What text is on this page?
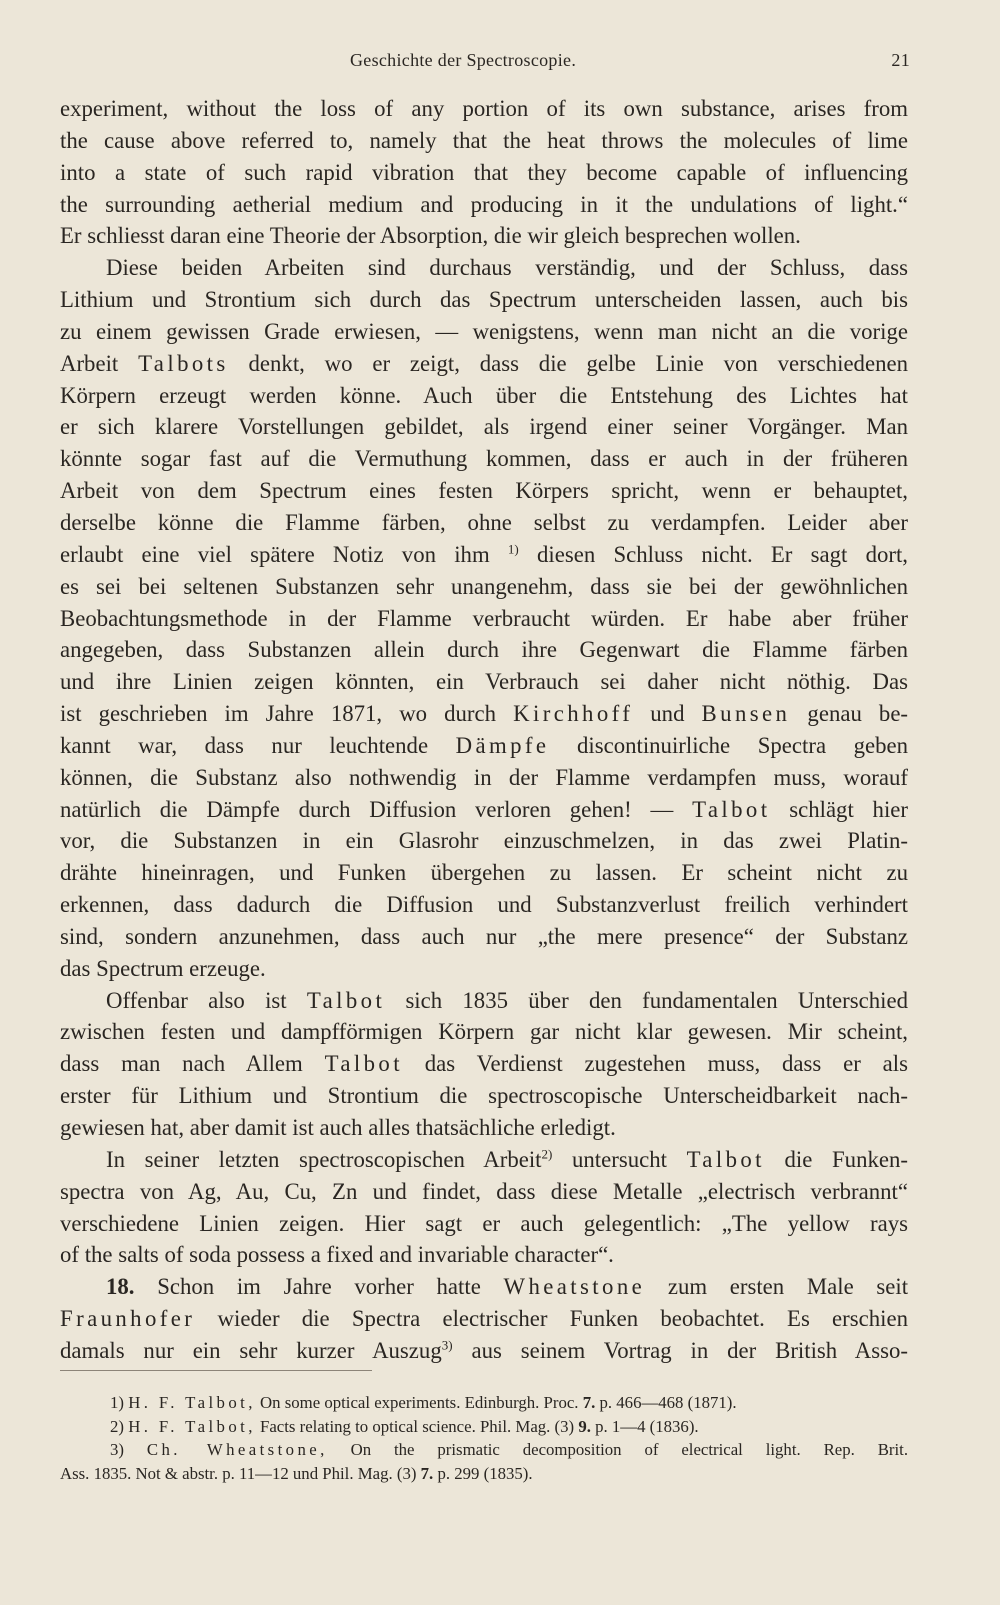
Geschichte der Spectroscopie.	21
experiment, without the loss of any portion of its own substance, arises from
the cause above referred to, namely that the heat throws the molecules of lime
into a state of such rapid vibration that they become capable of influencing
the surrounding aetherial medium and producing in it the undulations of light.“
Er schliesst daran eine Theorie der Absorption, die wir gleich besprechen wollen.
Diese beiden Arbeiten sind durchaus verständig, und der Schluss, dass
Lithium und Strontium sich durch das Spectrum unterscheiden lassen, auch bis
zu einem gewissen Grade erwiesen, — wenigstens, wenn man nicht an die vorige
Arbeit Talbots denkt, wo er zeigt, dass die gelbe Linie von verschiedenen
Körpern erzeugt werden könne. Auch über die Entstehung des Lichtes hat
er sich klarere Vorstellungen gebildet, als irgend einer seiner Vorgänger. Man
könnte sogar fast auf die Vermuthung kommen, dass er auch in der früheren
Arbeit von dem Spectrum eines festen Körpers spricht, wenn er behauptet,
derselbe könne die Flamme färben, ohne selbst zu verdampfen. Leider aber
erlaubt eine viel spätere Notiz von ihm $^{1)}$ diesen Schluss nicht. Er sagt dort,
es sei bei seltenen Substanzen sehr unangenehm, dass sie bei der gewöhnlichen
Beobachtungsmethode in der Flamme verbraucht würden. Er habe aber früher
angegeben, dass Substanzen allein durch ihre Gegenwart die Flamme färben
und ihre Linien zeigen könnten, ein Verbrauch sei daher nicht nöthig. Das
ist geschrieben im Jahre 1871, wo durch Kirchhoff und Bunsen genau be-
kannt war, dass nur leuchtende Dämpfe discontinuirliche Spectra geben
können, die Substanz also nothwendig in der Flamme verdampfen muss, worauf
natürlich die Dämpfe durch Diffusion verloren gehen! — Talbot schlägt hier
vor, die Substanzen in ein Glasrohr einzuschmelzen, in das zwei Platin-
drähte hineinragen, und Funken übergehen zu lassen. Er scheint nicht zu
erkennen, dass dadurch die Diffusion und Substanzverlust freilich verhindert
sind, sondern anzunehmen, dass auch nur „the mere presence“ der Substanz
das Spectrum erzeuge.
Offenbar also ist Talbot sich 1835 über den fundamentalen Unterschied
zwischen festen und dampfförmigen Körpern gar nicht klar gewesen. Mir scheint,
dass man nach Allem Talbot das Verdienst zugestehen muss, dass er als
erster für Lithium und Strontium die spectroscopische Unterscheidbarkeit nach-
gewiesen hat, aber damit ist auch alles thatsächliche erledigt.
In seiner letzten spectroscopischen Arbeit$^{2)}$ untersucht Talbot die Funken-
spectra von Ag, Au, Cu, Zn und findet, dass diese Metalle „electrisch verbrannt“
verschiedene Linien zeigen. Hier sagt er auch gelegentlich: „The yellow rays
of the salts of soda possess a fixed and invariable character“.
18. Schon im Jahre vorher hatte Wheatstone zum ersten Male seit
Fraunhofer wieder die Spectra electrischer Funken beobachtet. Es erschien
damals nur ein sehr kurzer Auszug$^{3)}$ aus seinem Vortrag in der British Asso-
1) H. F. Talbot, On some optical experiments. Edinburgh. Proc. 7. p. 466—468 (1871).
2) H. F. Talbot, Facts relating to optical science. Phil. Mag. (3) 9. p. 1—4 (1836).
3) Ch. Wheatstone, On the prismatic decomposition of electrical light. Rep. Brit.
Ass. 1835. Not & abstr. p. 11—12 und Phil. Mag. (3) 7. p. 299 (1835).
